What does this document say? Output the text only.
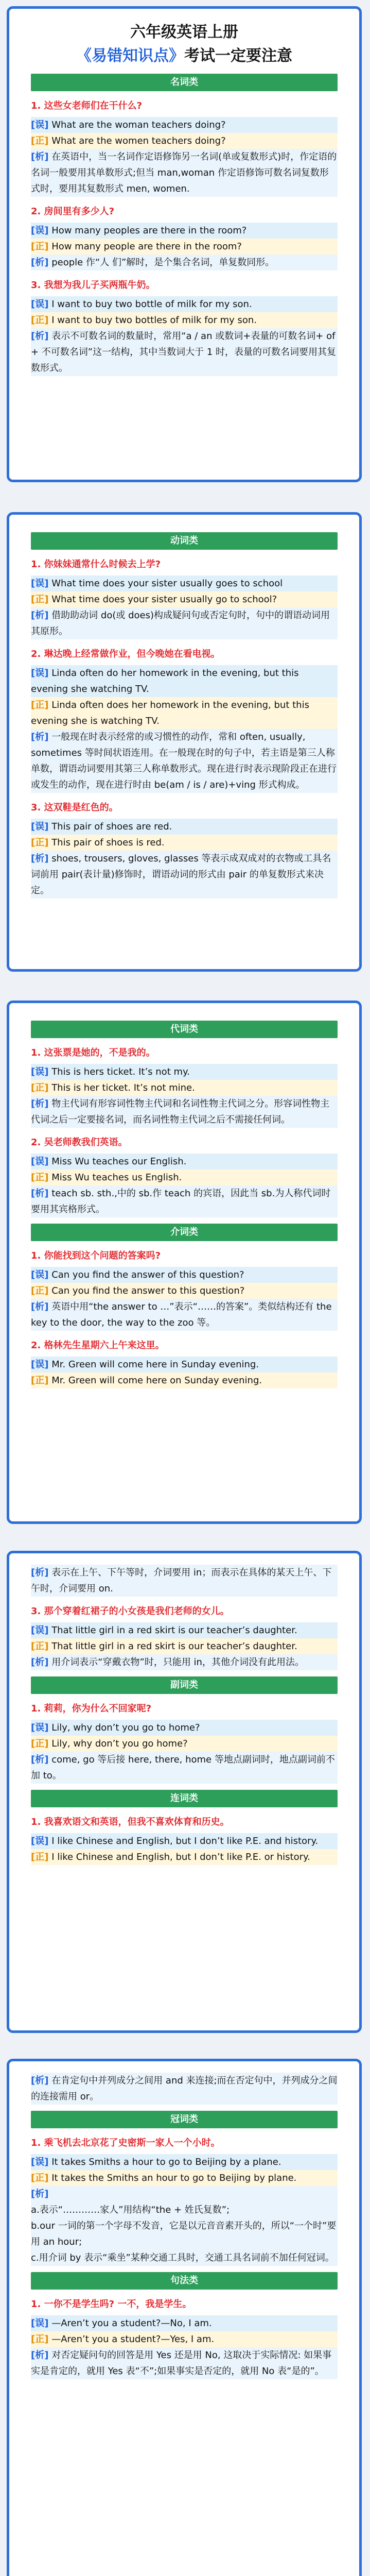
六年级英语上册
《易错知识点》考试一定要注意
名词类
1. 这些女老师们在干什么?

[误] What are the woman teachers doing?

[正] What are the women teachers doing?

[析] 在英语中，当一名词作定语修饰另一名词(单或复数形式)时，作定语的名词一般要用其单数形式;但当 man,woman 作定语修饰可数名词复数形式时，要用其复数形式 men, women.

2. 房间里有多少人?

[误] How many peoples are there in the room?

[正] How many people are there in the room?

[析] people 作“人 们”解时，是个集合名词，单复数同形。

3. 我想为我儿子买两瓶牛奶。

[误] I want to buy two bottle of milk for my son.

[正] I want to buy two bottles of milk for my son.

[析] 表示不可数名词的数量时，常用“a / an 或数词+表量的可数名词+ of + 不可数名词”这一结构，其中当数词大于 1 时，表量的可数名词要用其复数形式。

动词类
1. 你妹妹通常什么时候去上学?

[误] What time does your sister usually goes to school

[正] What time does your sister usually go to school?

[析] 借助助动词 do(或 does)构成疑问句或否定句时，句中的谓语动词用其原形。

2. 琳达晚上经常做作业，但今晚她在看电视。

[误] Linda often do her homework in the evening, but this evening she watching TV.

[正] Linda often does her homework in the evening, but this evening she is watching TV.

[析] 一般现在时表示经常的或习惯性的动作，常和 often, usually, sometimes 等时间状语连用。在一般现在时的句子中，若主语是第三人称单数，谓语动词要用其第三人称单数形式。现在进行时表示现阶段正在进行或发生的动作，现在进行时由 be(am / is / are)+ving 形式构成。

3. 这双鞋是红色的。

[误] This pair of shoes are red.

[正] This pair of shoes is red.

[析] shoes, trousers, gloves, glasses 等表示成双成对的衣物或工具名词前用 pair(表计量)修饰时，谓语动词的形式由 pair 的单复数形式来决定。

代词类
1. 这张票是她的，不是我的。

[误] This is hers ticket. It’s not my.

[正] This is her ticket. It’s not mine.

[析] 物主代词有形容词性物主代词和名词性物主代词之分。形容词性物主代词之后一定要接名词，而名词性物主代词之后不需接任何词。

2. 吴老师教我们英语。

[误] Miss Wu teaches our English.

[正] Miss Wu teaches us English.

[析] teach sb. sth.,中的 sb.作 teach 的宾语，因此当 sb.为人称代词时要用其宾格形式。

介词类
1. 你能找到这个问题的答案吗?

[误] Can you find the answer of this question?

[正] Can you find the answer to this question?

[析] 英语中用“the answer to …”表示“……的答案”。类似结构还有 the key to the door, the way to the zoo 等。

2. 格林先生星期六上午来这里。

[误] Mr. Green will come here in Sunday evening.

[正] Mr. Green will come here on Sunday evening.

[析] 表示在上午、下午等时，介词要用 in；而表示在具体的某天上午、下午时，介词要用 on.

3. 那个穿着红裙子的小女孩是我们老师的女儿。

[误] That little girl in a red skirt is our teacher’s daughter.

[正] That little girl in a red skirt is our teacher’s daughter.

[析] 用介词表示“穿戴衣物”时，只能用 in，其他介词没有此用法。

副词类
1. 莉莉，你为什么不回家呢?

[误] Lily, why don’t you go to home?

[正] Lily, why don’t you go home?

[析] come, go 等后接 here, there, home 等地点副词时，地点副词前不加 to。

连词类
1. 我喜欢语文和英语，但我不喜欢体育和历史。

[误] I like Chinese and English, but I don’t like P.E. and history.

[正] I like Chinese and English, but I don’t like P.E. or history.

[析] 在肯定句中并列成分之间用 and 来连接;而在否定句中，并列成分之间的连接需用 or。

冠词类
1. 乘飞机去北京花了史密斯一家人一个小时。

[误] It takes Smiths a hour to go to Beijing by a plane.

[正] It takes the Smiths an hour to go to Beijing by plane.

[析]

a.表示“…………家人”用结构“the + 姓氏复数”;

b.our 一词的第一个字母不发音，它是以元音音素开头的，所以“一个时”要用 an hour;

c.用介词 by 表示“乘坐”某种交通工具时，交通工具名词前不加任何冠词。

句法类
1. 一你不是学生吗? 一不，我是学生。

[误] —Aren’t you a student?—No, I am.

[正] —Aren’t you a student?—Yes, I am.

[析] 对否定疑问句的回答是用 Yes 还是用 No, 这取决于实际情况: 如果事实是肯定的，就用 Yes 表“不”;如果事实是否定的，就用 No 表“是的”。
